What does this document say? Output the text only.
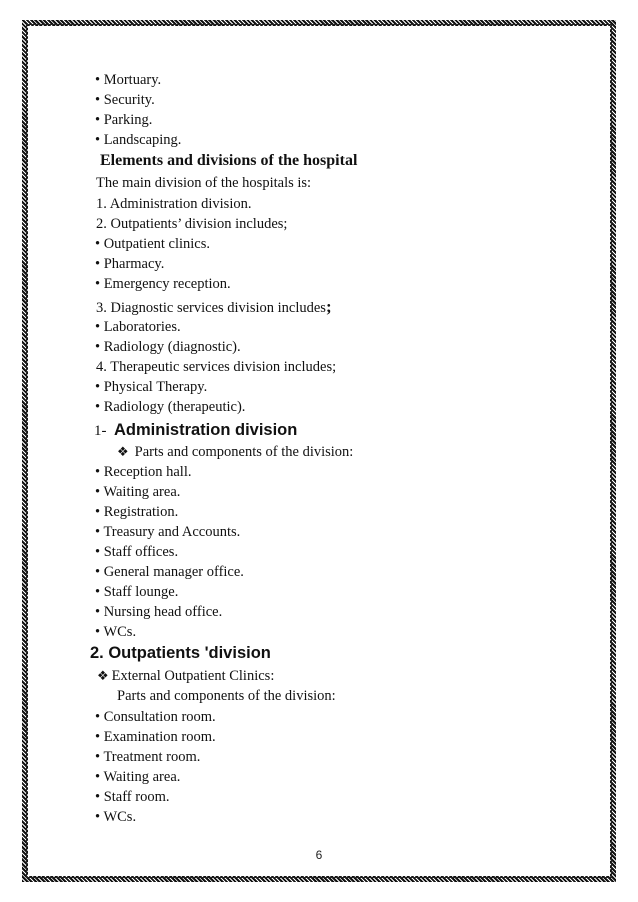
• Mortuary.
• Security.
• Parking.
• Landscaping.
Elements and divisions of the hospital
The main division of the hospitals is:
1. Administration division.
2. Outpatients’ division includes;
• Outpatient clinics.
• Pharmacy.
• Emergency reception.
3. Diagnostic services division includes;
• Laboratories.
• Radiology (diagnostic).
4. Therapeutic services division includes;
• Physical Therapy.
• Radiology (therapeutic).
1- Administration division
❖ Parts and components of the division:
• Reception hall.
• Waiting area.
• Registration.
• Treasury and Accounts.
• Staff offices.
• General manager office.
• Staff lounge.
• Nursing head office.
• WCs.
2. Outpatients 'division
❖ External Outpatient Clinics:
Parts and components of the division:
• Consultation room.
• Examination room.
• Treatment room.
• Waiting area.
• Staff room.
• WCs.
6
